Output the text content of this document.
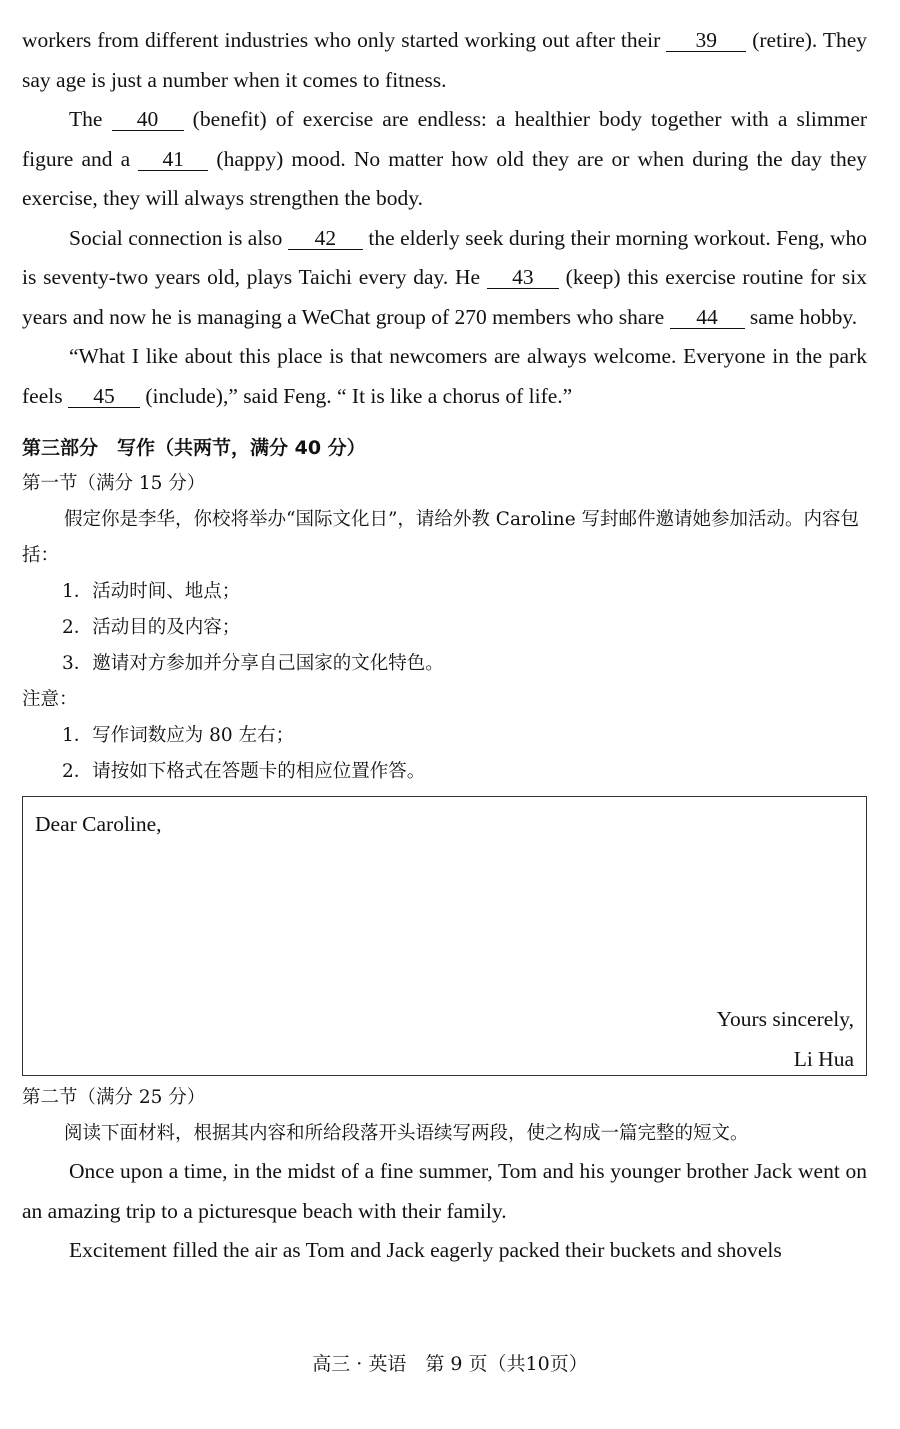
workers from different industries who only started working out after their 39 (retire). They say age is just a number when it comes to fitness.

The 40 (benefit) of exercise are endless: a healthier body together with a slimmer figure and a 41 (happy) mood. No matter how old they are or when during the day they exercise, they will always strengthen the body.

Social connection is also 42 the elderly seek during their morning workout. Feng, who is seventy-two years old, plays Taichi every day. He 43 (keep) this exercise routine for six years and now he is managing a WeChat group of 270 members who share 44 same hobby.

“What I like about this place is that newcomers are always welcome. Everyone in the park feels 45 (include),” said Feng. “ It is like a chorus of life.”

第三部分　写作（共两节，满分 40 分）

第一节（满分 15 分）

假定你是李华，你校将举办“国际文化日”，请给外教 Caroline 写封邮件邀请她参加活动。内容包括：

1．活动时间、地点；

2．活动目的及内容；

3．邀请对方参加并分享自己国家的文化特色。

注意：

1．写作词数应为 80 左右；

2．请按如下格式在答题卡的相应位置作答。

Dear Caroline,
Yours sincerely,
Li Hua

第二节（满分 25 分）

阅读下面材料，根据其内容和所给段落开头语续写两段，使之构成一篇完整的短文。

Once upon a time, in the midst of a fine summer, Tom and his younger brother Jack went on an amazing trip to a picturesque beach with their family.

Excitement filled the air as Tom and Jack eagerly packed their buckets and shovels

高三 · 英语　第 9 页（共10页）
